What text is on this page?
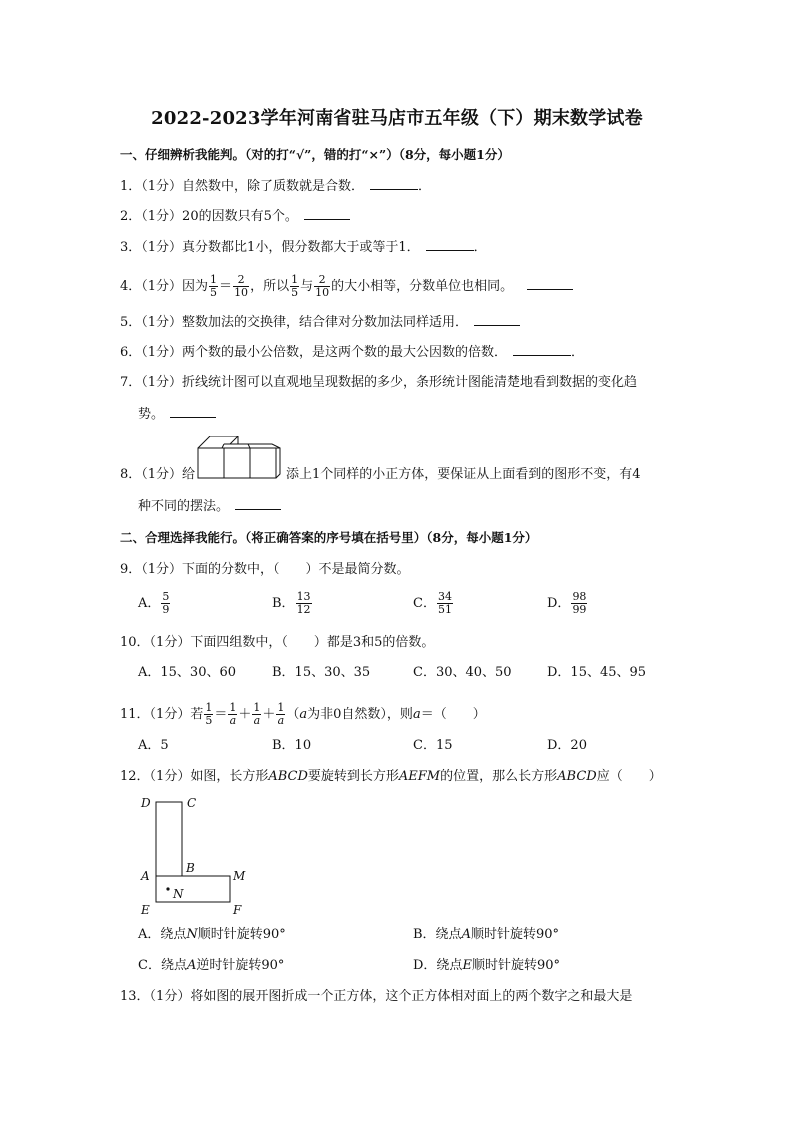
2022-2023学年河南省驻马店市五年级（下）期末数学试卷
一、仔细辨析我能判。（对的打“√”，错的打“×”）（8分，每小题1分）
1．（1分）自然数中，除了质数就是合数．	．
2．（1分）20的因数只有5个。
3．（1分）真分数都比1小，假分数都大于或等于1．	．
4．（1分）因为 $\frac{1}{5} = \frac{2}{10}$ ，所以 $\frac{1}{5}$ 与 $\frac{2}{10}$ 的大小相等，分数单位也相同。
5．（1分）整数加法的交换律，结合律对分数加法同样适用．
6．（1分）两个数的最小公倍数，是这两个数的最大公因数的倍数．	．
7．（1分）折线统计图可以直观地呈现数据的多少，条形统计图能清楚地看到数据的变化趋
势。
8．（1分）给	添上1个同样的小正方体，要保证从上面看到的图形不变，有4
种不同的摆法。
二、合理选择我能行。（将正确答案的序号填在括号里）（8分，每小题1分）
9．（1分）下面的分数中，（　　）不是最简分数。
A． $\frac{5}{9}$	B． $\frac{13}{12}$	C． $\frac{34}{51}$	D． $\frac{98}{99}$
10．（1分）下面四组数中，（　　）都是3和5的倍数。
A．15、30、60	B．15、30、35	C．30、40、50	D．15、45、95
11．（1分）若 $\frac{1}{5} = \frac{1}{a} + \frac{1}{a} + \frac{1}{a} (a$为非0自然数），则a＝（　　）
A．5	B．10	C．15	D．20
12．（1分）如图，长方形ABCD要旋转到长方形AEFM的位置，那么长方形ABCD应（　　）
D	C
B
A	M
N
E	F
A．绕点N顺时针旋转90°	B．绕点A顺时针旋转90°
C．绕点A逆时针旋转90°	D．绕点E顺时针旋转90°
13．（1分）将如图的展开图折成一个正方体，这个正方体相对面上的两个数字之和最大是
